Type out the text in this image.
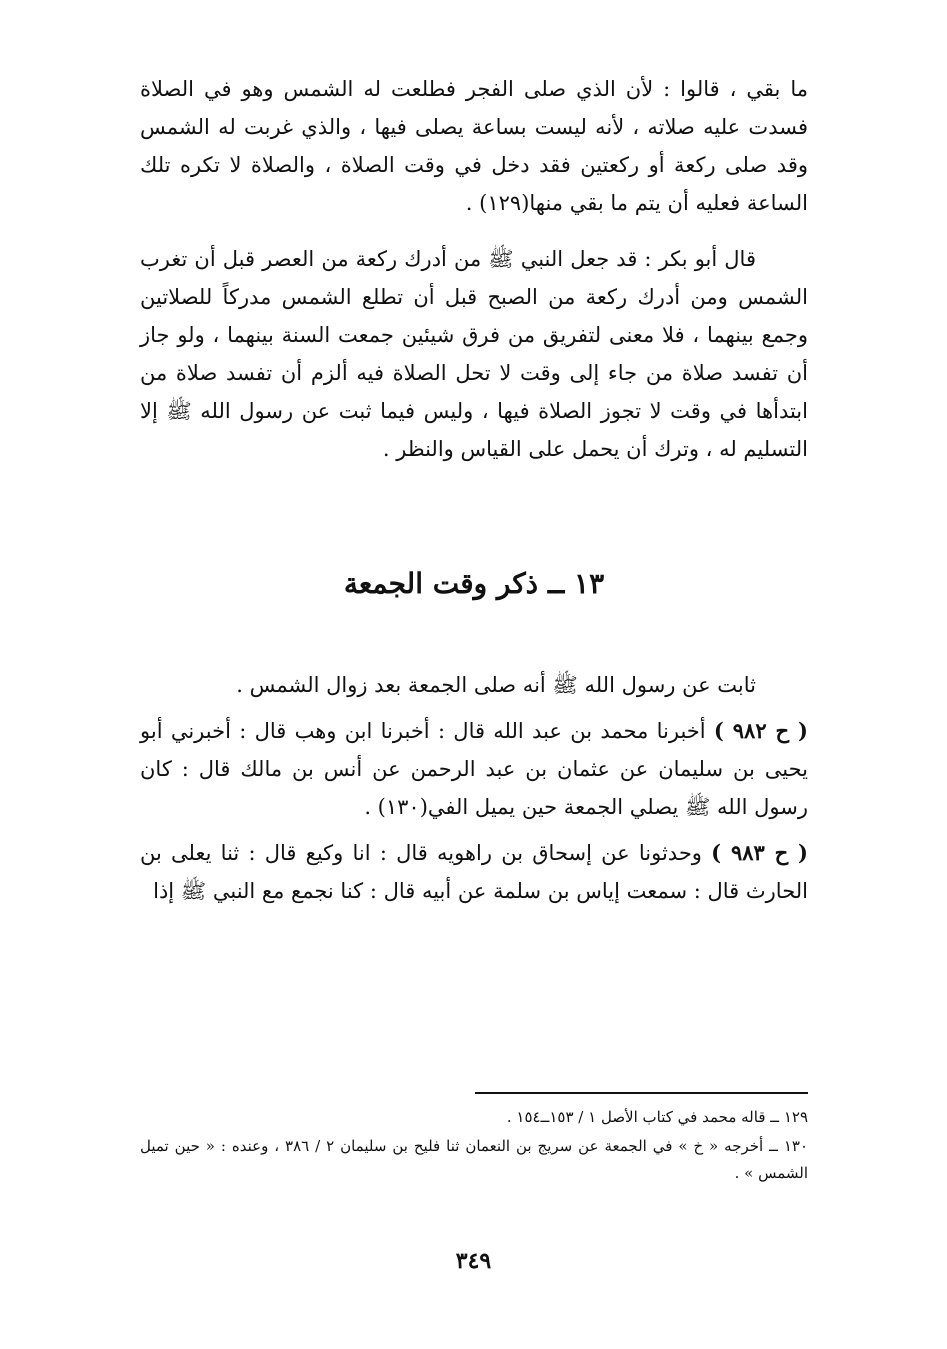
ما بقي ، قالوا : لأن الذي صلى الفجر فطلعت له الشمس وهو في الصلاة فسدت عليه صلاته ، لأنه ليست بساعة يصلى فيها ، والذي غربت له الشمس وقد صلى ركعة أو ركعتين فقد دخل في وقت الصلاة ، والصلاة لا تكره تلك الساعة فعليه أن يتم ما بقي منها(١٢٩) .

قال أبو بكر : قد جعل النبي ﷺ من أدرك ركعة من العصر قبل أن تغرب الشمس ومن أدرك ركعة من الصبح قبل أن تطلع الشمس مدركاً للصلاتين وجمع بينهما ، فلا معنى لتفريق من فرق شيئين جمعت السنة بينهما ، ولو جاز أن تفسد صلاة من جاء إلى وقت لا تحل الصلاة فيه ألزم أن تفسد صلاة من ابتدأها في وقت لا تجوز الصلاة فيها ، وليس فيما ثبت عن رسول الله ﷺ إلا التسليم له ، وترك أن يحمل على القياس والنظر .

١٣ ــ ذكر وقت الجمعة

ثابت عن رسول الله ﷺ أنه صلى الجمعة بعد زوال الشمس .

( ح ٩٨٢ ) أخبرنا محمد بن عبد الله قال : أخبرنا ابن وهب قال : أخبرني أبو يحيى بن سليمان عن عثمان بن عبد الرحمن عن أنس بن مالك قال : كان رسول الله ﷺ يصلي الجمعة حين يميل الفي(١٣٠) .

( ح ٩٨٣ ) وحدثونا عن إسحاق بن راهويه قال : انا وكيع قال : ثنا يعلى بن الحارث قال : سمعت إياس بن سلمة عن أبيه قال : كنا نجمع مع النبي ﷺ إذا

١٢٩ ــ قاله محمد في كتاب الأصل ١ / ١٥٣ــ١٥٤ .

١٣٠ ــ أخرجه « خ » في الجمعة عن سريج بن النعمان ثنا فليح بن سليمان ٢ / ٣٨٦ ، وعنده : « حين تميل الشمس » .

٣٤٩
